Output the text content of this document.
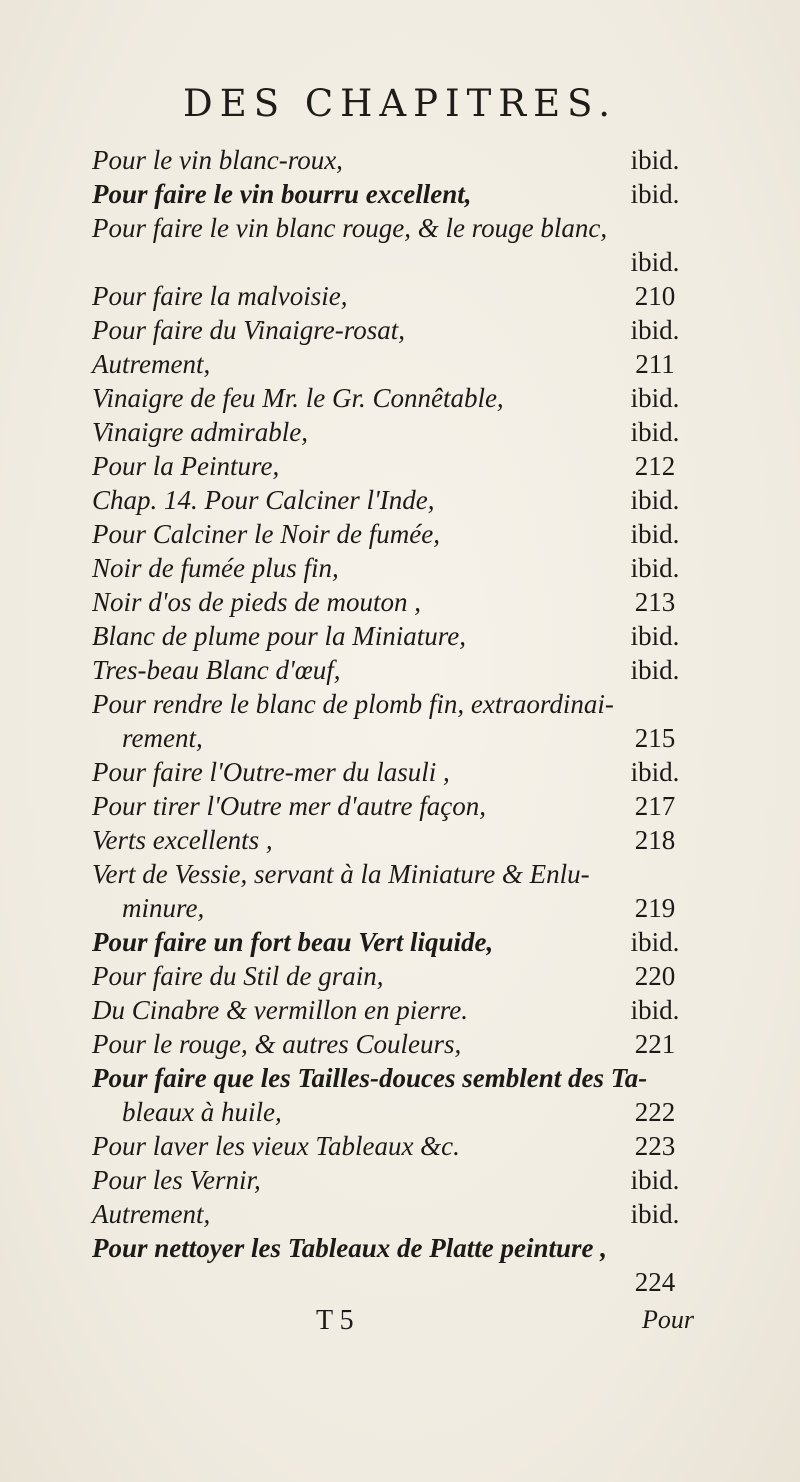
DES CHAPITRES.
Pour le vin blanc-roux,	ibid.
Pour faire le vin bourru excellent,	ibid.
Pour faire le vin blanc rouge, & le rouge blanc,
ibid.
Pour faire la malvoisie,	210
Pour faire du Vinaigre-rosat,	ibid.
Autrement,	211
Vinaigre de feu Mr. le Gr. Connêtable,	ibid.
Vinaigre admirable,	ibid.
Pour la Peinture,	212
Chap. 14. Pour Calciner l'Inde,	ibid.
Pour Calciner le Noir de fumée,	ibid.
Noir de fumée plus fin,	ibid.
Noir d'os de pieds de mouton ,	213
Blanc de plume pour la Miniature,	ibid.
Tres-beau Blanc d'œuf,	ibid.
Pour rendre le blanc de plomb fin, extraordinai-
rement,	215
Pour faire l'Outre-mer du lasuli ,	ibid.
Pour tirer l'Outre mer d'autre façon,	217
Verts excellents ,	218
Vert de Vessie, servant à la Miniature & Enlu-
minure,	219
Pour faire un fort beau Vert liquide,	ibid.
Pour faire du Stil de grain,	220
Du Cinabre & vermillon en pierre.	ibid.
Pour le rouge, & autres Couleurs,	221
Pour faire que les Tailles-douces semblent des Ta-
bleaux à huile,	222
Pour laver les vieux Tableaux &c.	223
Pour les Vernir,	ibid.
Autrement,	ibid.
Pour nettoyer les Tableaux de Platte peinture ,
224
T 5	Pour
